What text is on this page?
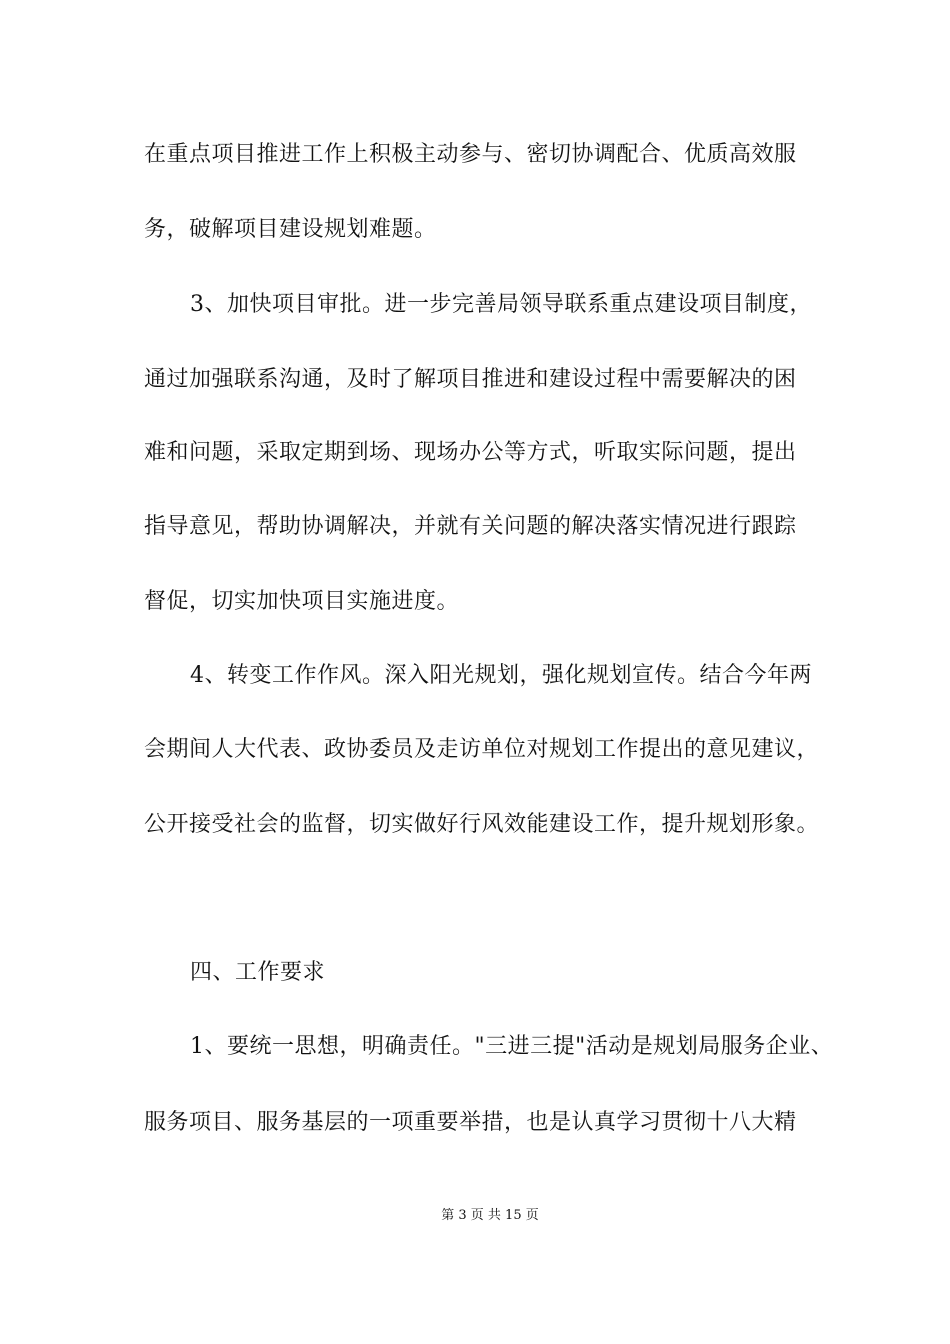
在重点项目推进工作上积极主动参与、密切协调配合、优质高效服
务，破解项目建设规划难题。
3、加快项目审批。进一步完善局领导联系重点建设项目制度，
通过加强联系沟通，及时了解项目推进和建设过程中需要解决的困
难和问题，采取定期到场、现场办公等方式，听取实际问题，提出
指导意见，帮助协调解决，并就有关问题的解决落实情况进行跟踪
督促，切实加快项目实施进度。
4、转变工作作风。深入阳光规划，强化规划宣传。结合今年两
会期间人大代表、政协委员及走访单位对规划工作提出的意见建议，
公开接受社会的监督，切实做好行风效能建设工作，提升规划形象。
四、工作要求
1、要统一思想，明确责任。"三进三提"活动是规划局服务企业、
服务项目、服务基层的一项重要举措，也是认真学习贯彻十八大精
第 3 页 共 15 页
